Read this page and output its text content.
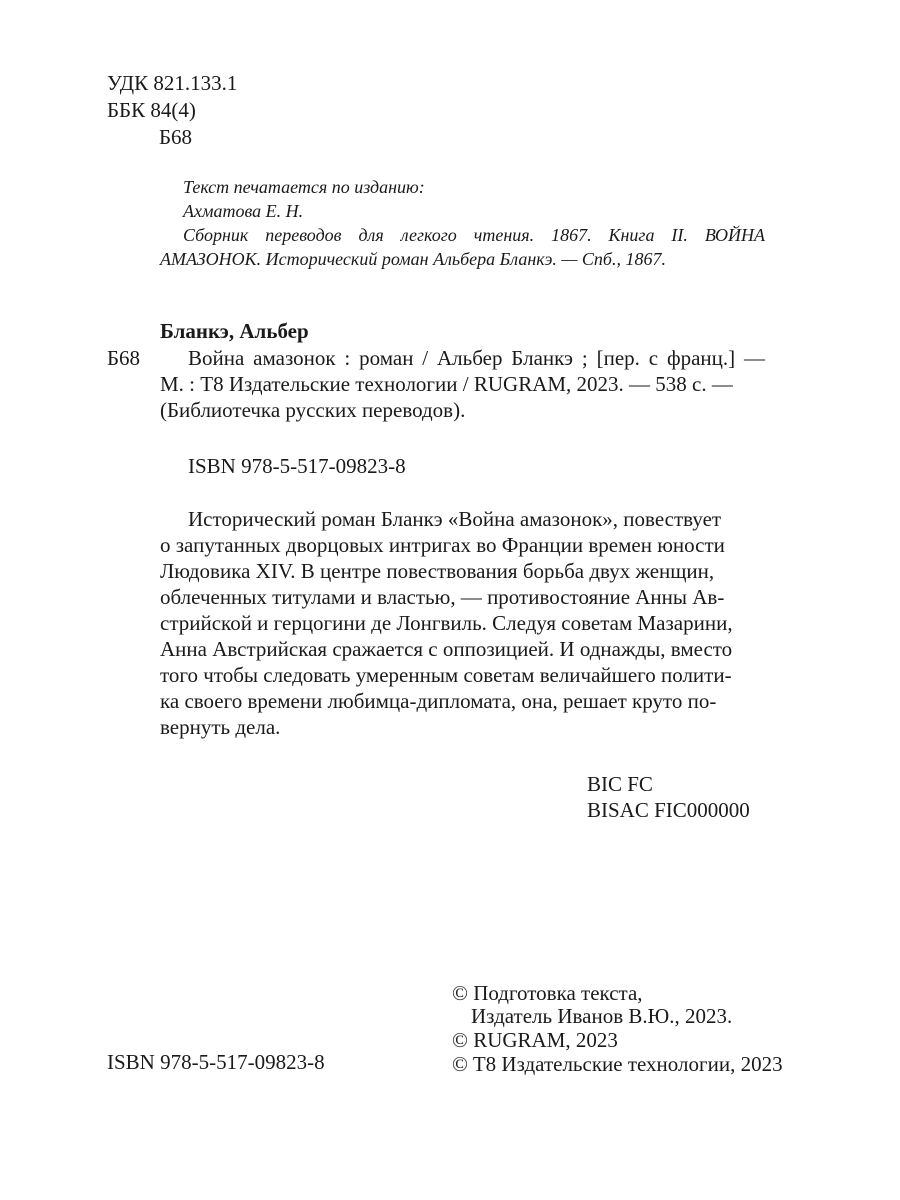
УДК 821.133.1
ББК 84(4)
Б68
Текст печатается по изданию:
Ахматова Е. Н.
Сборник переводов для легкого чтения. 1867. Книга II. ВОЙНА
АМАЗОНОК. Исторический роман Альбера Бланкэ. — Спб., 1867.
Бланкэ, Альбер
Б68	Война амазонок : роман / Альбер Бланкэ ; [пер. с франц.] —
М. : T8 Издательские технологии / RUGRAM, 2023. — 538 с. —
(Библиотечка русских переводов).
ISBN 978-5-517-09823-8
Исторический роман Бланкэ «Война амазонок», повествует
о запутанных дворцовых интригах во Франции времен юности
Людовика XIV. В центре повествования борьба двух женщин,
облеченных титулами и властью, — противостояние Анны Ав-
стрийской и герцогини де Лонгвиль. Следуя советам Мазарини,
Анна Австрийская сражается с оппозицией. И однажды, вместо
того чтобы следовать умеренным советам величайшего полити-
ка своего времени любимца-дипломата, она, решает круто по-
вернуть дела.
BIC FC
BISAC FIC000000
ISBN 978-5-517-09823-8
© Подготовка текста,
Издатель Иванов В.Ю., 2023.
© RUGRAM, 2023
© T8 Издательские технологии, 2023
